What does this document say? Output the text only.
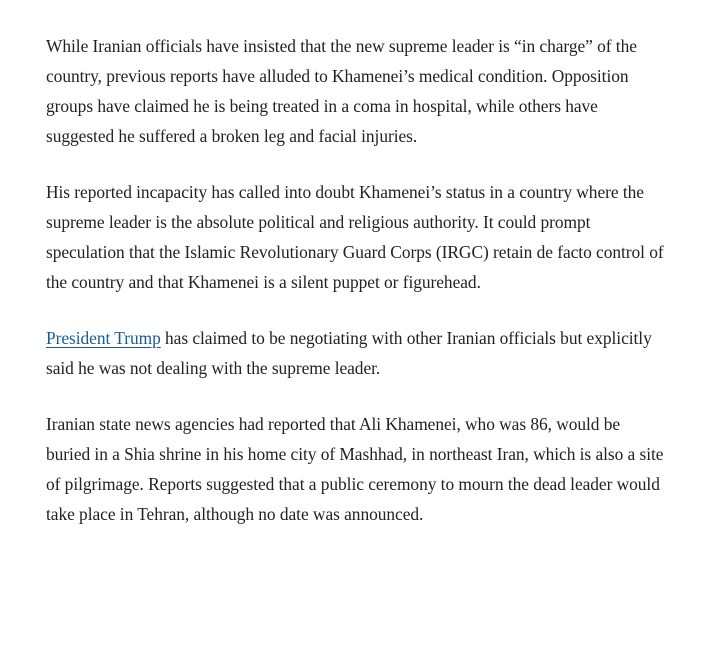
While Iranian officials have insisted that the new supreme leader is “in charge” of the country, previous reports have alluded to Khamenei’s medical condition. Opposition groups have claimed he is being treated in a coma in hospital, while others have suggested he suffered a broken leg and facial injuries.

His reported incapacity has called into doubt Khamenei’s status in a country where the supreme leader is the absolute political and religious authority. It could prompt speculation that the Islamic Revolutionary Guard Corps (IRGC) retain de facto control of the country and that Khamenei is a silent puppet or figurehead.

President Trump has claimed to be negotiating with other Iranian officials but explicitly said he was not dealing with the supreme leader.

Iranian state news agencies had reported that Ali Khamenei, who was 86, would be buried in a Shia shrine in his home city of Mashhad, in northeast Iran, which is also a site of pilgrimage. Reports suggested that a public ceremony to mourn the dead leader would take place in Tehran, although no date was announced.
